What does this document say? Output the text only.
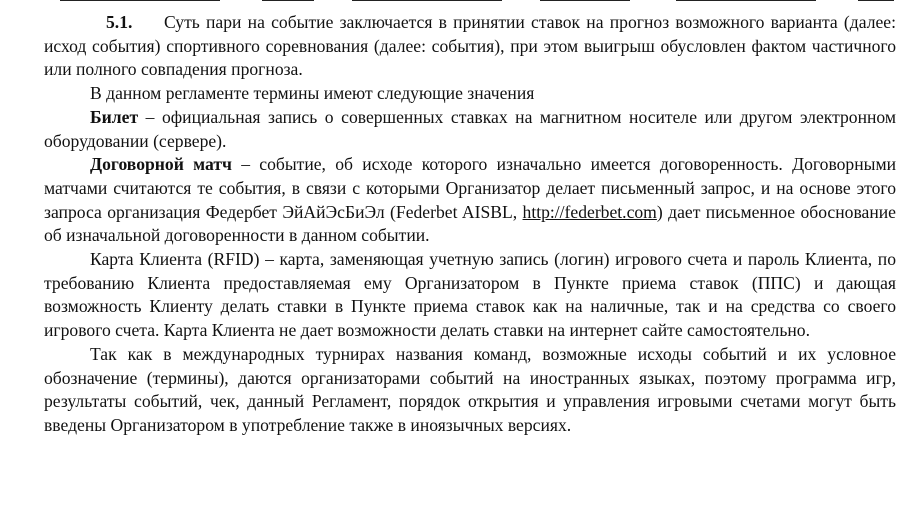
5.1. Суть пари на событие заключается в принятии ставок на прогноз возможного варианта (далее: исход события) спортивного соревнования (далее: события), при этом выигрыш обусловлен фактом частичного или полного совпадения прогноза.

В данном регламенте термины имеют следующие значения

Билет – официальная запись о совершенных ставках на магнитном носителе или другом электронном оборудовании (сервере).

Договорной матч – событие, об исходе которого изначально имеется договоренность. Договорными матчами считаются те события, в связи с которыми Организатор делает письменный запрос, и на основе этого запроса организация Федербет ЭйАйЭсБиЭл (Federbet AISBL, http://federbet.com) дает письменное обоснование об изначальной договоренности в данном событии.

Карта Клиента (RFID) – карта, заменяющая учетную запись (логин) игрового счета и пароль Клиента, по требованию Клиента предоставляемая ему Организатором в Пункте приема ставок (ППС) и дающая возможность Клиенту делать ставки в Пункте приема ставок как на наличные, так и на средства со своего игрового счета. Карта Клиента не дает возможности делать ставки на интернет сайте самостоятельно.

Так как в международных турнирах названия команд, возможные исходы событий и их условное обозначение (термины), даются организаторами событий на иностранных языках, поэтому программа игр, результаты событий, чек, данный Регламент, порядок открытия и управления игровыми счетами могут быть введены Организатором в употребление также в иноязычных версиях.
